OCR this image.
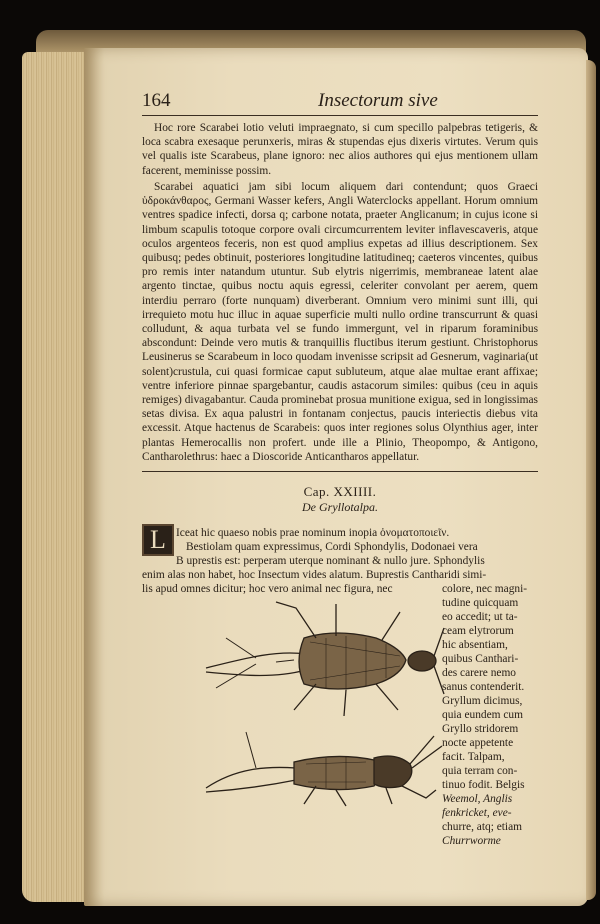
164	Insectorum sive
Hoc rore Scarabei lotio veluti impraegnato, si cum specillo palpebras tetigeris, & loca scabra exesaque perunxeris, miras & stupendas ejus dixeris virtutes. Verum quis vel qualis iste Scarabeus, plane ignoro: nec alios authores qui ejus mentionem ullam facerent, meminisse possim.
Scarabei aquatici jam sibi locum aliquem dari contendunt; quos Graeci ὑδροκάνθαρος, Germani Wasser kefers, Angli Waterclocks appellant. Horum omnium ventres spadice infecti, dorsa q; carbone notata, praeter Anglicanum; in cujus icone si limbum scapulis totoque corpore ovali circumcurrentem leviter inflavescaveris, atque oculos argenteos feceris, non est quod amplius expetas ad illius descriptionem. Sex quibusq; pedes obtinuit, posteriores longitudine latitudineq; caeteros vincentes, quibus pro remis inter natandum utuntur. Sub elytris nigerrimis, membraneae latent alae argento tinctae, quibus noctu aquis egressi, celeriter convolant per aerem, quem interdiu perraro (forte nunquam) diverberant. Omnium vero minimi sunt illi, qui irrequieto motu huc illuc in aquae superficie multi nullo ordine transcurrunt & quasi colludunt, & aqua turbata vel se fundo immergunt, vel in riparum foraminibus abscondunt: Deinde vero mutis & tranquillis fluctibus iterum gestiunt. Christophorus Leusinerus se Scarabeum in loco quodam invenisse scripsit ad Gesnerum, vaginaria(ut solent)crustula, cui quasi formicae caput subluteum, atque alae multae erant affixae; ventre inferiore pinnae spargebantur, caudis astacorum similes: quibus (ceu in aquis remiges) divagabantur. Cauda prominebat prosua munitione exigua, sed in longissimas setas divisa. Ex aqua palustri in fontanam conjectus, paucis interiectis diebus vita excessit. Atque hactenus de Scarabeis: quos inter regiones solus Olynthius ager, inter plantas Hemerocallis non profert. unde ille a Plinio, Theopompo, & Antigono, Cantharolethrus: haec a Dioscoride Anticantharos appellatur.
Cap. XXIIII.
De Gryllotalpa.
L Iceat hic quaeso nobis prae nominum inopia ὀνοματοποιεῖν.
Bestiolam quam expressimus, Cordi Sphondylis, Dodonaei vera
B uprestis est: perperam uterque nominant & nullo jure. Sphondylis
enim alas non habet, hoc Insectum vides alatum. Buprestis Cantharidi simi-
lis apud omnes dicitur; hoc vero animal nec figura, nec	colore, nec magni-
tudine quicquam
eo accedit; ut ta-
ceam elytrorum
hic absentiam,
quibus Canthari-
des carere nemo
sanus contenderit.
Gryllum dicimus,
quia eundem cum
Gryllo stridorem
nocte appetente
facit. Talpam,
quia terram con-
tinuo fodit. Belgis
Weemol, Anglis
fenkricket, eve-
churre, atq; etiam
Churrworme
